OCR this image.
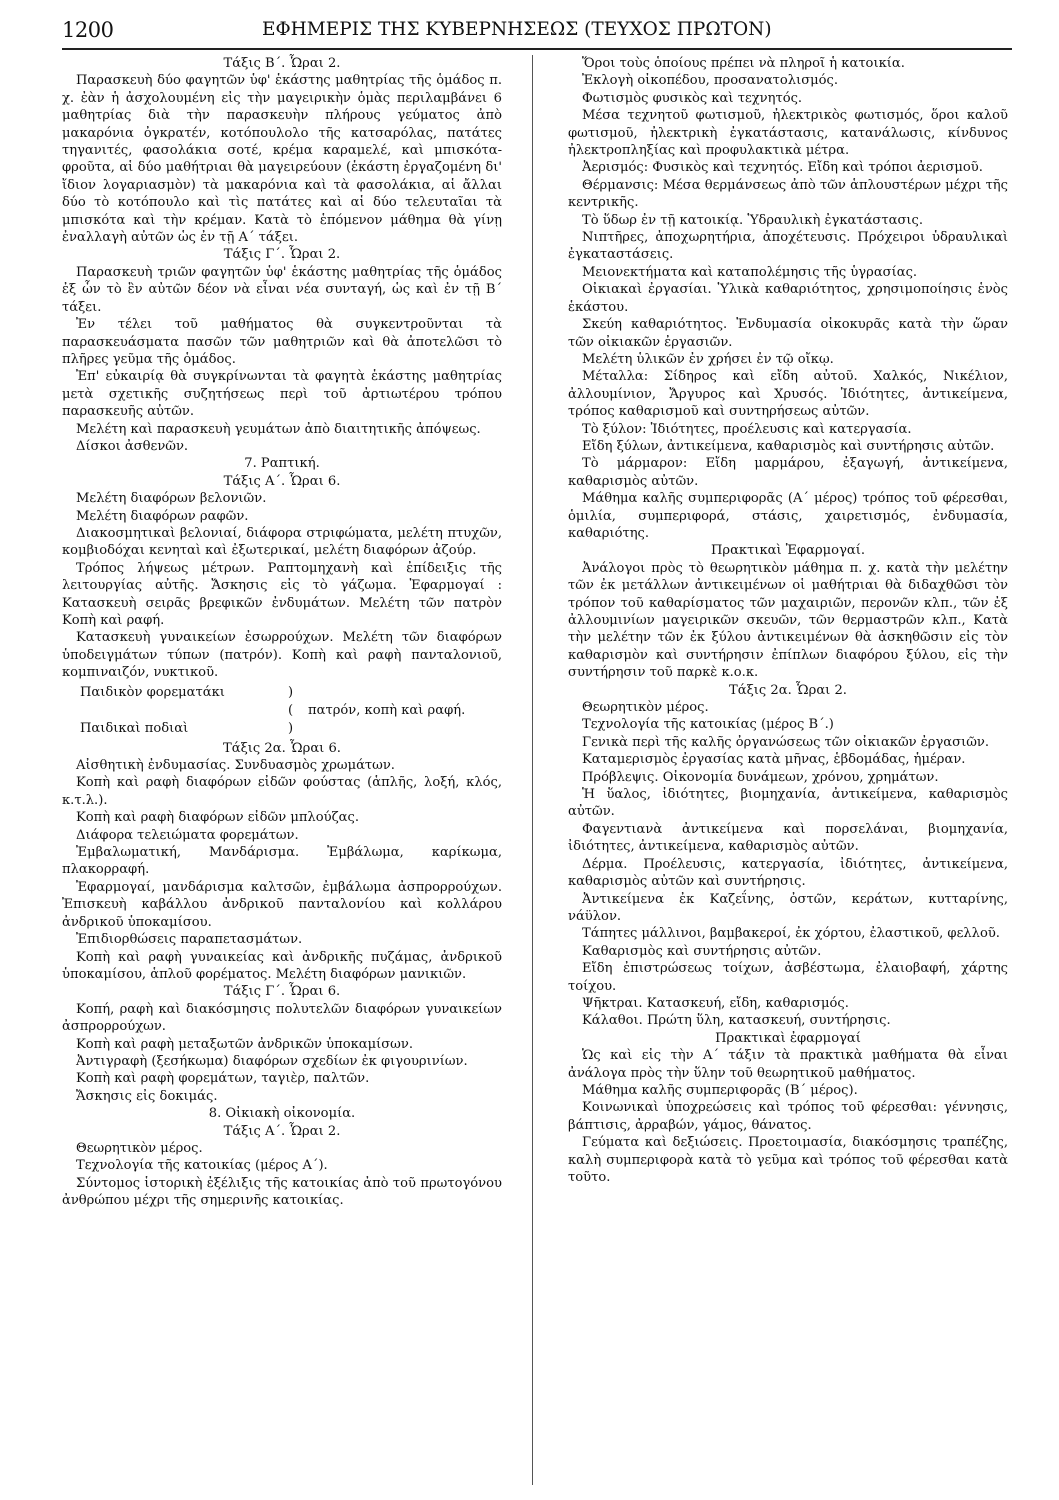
1200	ΕΦΗΜΕΡΙΣ ΤΗΣ ΚΥΒΕΡΝΗΣΕΩΣ (ΤΕΥΧΟΣ ΠΡΩΤΟΝ)

Τάξις Β΄. Ὧραι 2.

Παρασκευὴ δύο φαγητῶν ὑφ' ἑκάστης μαθητρίας τῆς ὁμάδος π. χ. ἐὰν ἡ ἀσχολουμένη εἰς τὴν μαγειρικὴν ὁμὰς περιλαμβάνει 6 μαθητρίας διὰ τὴν παρασκευὴν πλήρους γεύματος ἀπὸ μακαρόνια ὀγκρατέν, κοτόπουλολο τῆς κατσαρόλας, πατάτες τηγανιτές, φασολάκια σοτέ, κρέμα καραμελέ, καὶ μπισκότα-φροῦτα, αἱ δύο μαθήτριαι θὰ μαγειρεύουν (ἑκάστη ἐργαζομένη δι' ἴδιον λογαριασμὸν) τὰ μακαρόνια καὶ τὰ φασολάκια, αἱ ἄλλαι δύο τὸ κοτόπουλο καὶ τὶς πατάτες καὶ αἱ δύο τελευταῖαι τὰ μπισκότα καὶ τὴν κρέμαν. Κατὰ τὸ ἑπόμενον μάθημα θὰ γίνῃ ἐναλλαγὴ αὐτῶν ὡς ἐν τῇ Α΄ τάξει.

Τάξις Γ΄. Ὧραι 2.

Παρασκευὴ τριῶν φαγητῶν ὑφ' ἑκάστης μαθητρίας τῆς ὁμάδος ἐξ ὧν τὸ ἓν αὐτῶν δέον νὰ εἶναι νέα συνταγή, ὡς καὶ ἐν τῇ Β΄ τάξει.

Ἐν τέλει τοῦ μαθήματος θὰ συγκεντροῦνται τὰ παρασκευάσματα πασῶν τῶν μαθητριῶν καὶ θὰ ἀποτελῶσι τὸ πλῆρες γεῦμα τῆς ὁμάδος.

Ἐπ' εὐκαιρίᾳ θὰ συγκρίνωνται τὰ φαγητὰ ἑκάστης μαθητρίας μετὰ σχετικῆς συζητήσεως περὶ τοῦ ἀρτιωτέρου τρόπου παρασκευῆς αὐτῶν.

Μελέτη καὶ παρασκευὴ γευμάτων ἀπὸ διαιτητικῆς ἀπόψεως.

Δίσκοι ἀσθενῶν.

7. Ραπτική.

Τάξις Α΄. Ὧραι 6.

Μελέτη διαφόρων βελονιῶν.

Μελέτη διαφόρων ραφῶν.

Διακοσμητικαὶ βελονιαί, διάφορα στριφώματα, μελέτη πτυχῶν, κομβιοδόχαι κενηταὶ καὶ ἐξωτερικαί, μελέτη διαφόρων ἀζούρ.

Τρόπος λήψεως μέτρων. Ραπτομηχανὴ καὶ ἐπίδειξις τῆς λειτουργίας αὐτῆς. Ἄσκησις εἰς τὸ γάζωμα. Ἐφαρμογαί : Κατασκευὴ σειρᾶς βρεφικῶν ἐνδυμάτων. Μελέτη τῶν πατρὸν Κοπὴ καὶ ραφή.

Κατασκευὴ γυναικείων ἐσωρρούχων. Μελέτη τῶν διαφόρων ὑποδειγμάτων τύπων (πατρόν). Κοπὴ καὶ ραφὴ πανταλονιοῦ, κομπιναιζόν, νυκτικοῦ.

Παιδικὸν φορεματάκι	)
( πατρόν, κοπὴ καὶ ραφή.
Παιδικαὶ ποδιαὶ	)

Τάξις 2α. Ὧραι 6.

Αἰσθητικὴ ἐνδυμασίας. Συνδυασμὸς χρωμάτων.

Κοπὴ καὶ ραφὴ διαφόρων εἰδῶν φούστας (ἁπλῆς, λοξή, κλός, κ.τ.λ.).

Κοπὴ καὶ ραφὴ διαφόρων εἰδῶν μπλούζας.

Διάφορα τελειώματα φορεμάτων.

Ἐμβαλωματική, Μανδάρισμα. Ἐμβάλωμα, καρίκωμα, πλακορραφή.

Ἐφαρμογαί, μανδάρισμα καλτσῶν, ἐμβάλωμα ἀσπρορρούχων. Ἐπισκευὴ καβάλλου ἀνδρικοῦ πανταλονίου καὶ κολλάρου ἀνδρικοῦ ὑποκαμίσου.

Ἐπιδιορθώσεις παραπετασμάτων.

Κοπὴ καὶ ραφὴ γυναικείας καὶ ἀνδρικῆς πυζάμας, ἀνδρικοῦ ὑποκαμίσου, ἁπλοῦ φορέματος. Μελέτη διαφόρων μανικιῶν.

Τάξις Γ΄. Ὧραι 6.

Κοπή, ραφὴ καὶ διακόσμησις πολυτελῶν διαφόρων γυναικείων ἀσπρορρούχων.

Κοπὴ καὶ ραφὴ μεταξωτῶν ἀνδρικῶν ὑποκαμίσων.

Ἀντιγραφὴ (ξεσήκωμα) διαφόρων σχεδίων ἐκ φιγουρινίων.

Κοπὴ καὶ ραφὴ φορεμάτων, ταγιὲρ, παλτῶν.

Ἄσκησις εἰς δοκιμάς.

8. Οἰκιακὴ οἰκονομία.

Τάξις Α΄. Ὧραι 2.

Θεωρητικὸν μέρος.

Τεχνολογία τῆς κατοικίας (μέρος Α΄).

Σύντομος ἱστορικὴ ἐξέλιξις τῆς κατοικίας ἀπὸ τοῦ πρωτογόνου ἀνθρώπου μέχρι τῆς σημερινῆς κατοικίας.

Ὅροι τοὺς ὁποίους πρέπει νὰ πληροῖ ἡ κατοικία.

Ἐκλογὴ οἰκοπέδου, προσανατολισμός.

Φωτισμὸς φυσικὸς καὶ τεχνητός.

Μέσα τεχνητοῦ φωτισμοῦ, ἠλεκτρικὸς φωτισμός, ὅροι καλοῦ φωτισμοῦ, ἠλεκτρικὴ ἐγκατάστασις, κατανάλωσις, κίνδυνος ἠλεκτροπληξίας καὶ προφυλακτικὰ μέτρα.

Ἀερισμός: Φυσικὸς καὶ τεχνητός. Εἴδη καὶ τρόποι ἀερισμοῦ.

Θέρμανσις: Μέσα θερμάνσεως ἀπὸ τῶν ἁπλουστέρων μέχρι τῆς κεντρικῆς.

Τὸ ὕδωρ ἐν τῇ κατοικίᾳ. Ὑδραυλικὴ ἐγκατάστασις.

Νιπτῆρες, ἀποχωρητήρια, ἀποχέτευσις. Πρόχειροι ὑδραυλικαὶ ἐγκαταστάσεις.

Μειονεκτήματα καὶ καταπολέμησις τῆς ὑγρασίας.

Οἰκιακαὶ ἐργασίαι. Ὑλικὰ καθαριότητος, χρησιμοποίησις ἑνὸς ἑκάστου.

Σκεύη καθαριότητος. Ἐνδυμασία οἰκοκυρᾶς κατὰ τὴν ὥραν τῶν οἰκιακῶν ἐργασιῶν.

Μελέτη ὑλικῶν ἐν χρήσει ἐν τῷ οἴκῳ.

Μέταλλα: Σίδηρος καὶ εἴδη αὐτοῦ. Χαλκός, Νικέλιον, ἀλλουμίνιον, Ἄργυρος καὶ Χρυσός. Ἰδιότητες, ἀντικείμενα, τρόπος καθαρισμοῦ καὶ συντηρήσεως αὐτῶν.

Τὸ ξύλον: Ἰδιότητες, προέλευσις καὶ κατεργασία.

Εἴδη ξύλων, ἀντικείμενα, καθαρισμὸς καὶ συντήρησις αὐτῶν.

Τὸ μάρμαρον: Εἴδη μαρμάρου, ἐξαγωγή, ἀντικείμενα, καθαρισμὸς αὐτῶν.

Μάθημα καλῆς συμπεριφορᾶς (Α΄ μέρος) τρόπος τοῦ φέρεσθαι, ὁμιλία, συμπεριφορά, στάσις, χαιρετισμός, ἐνδυμασία, καθαριότης.

Πρακτικαὶ Ἐφαρμογαί.

Ἀνάλογοι πρὸς τὸ θεωρητικὸν μάθημα π. χ. κατὰ τὴν μελέτην τῶν ἐκ μετάλλων ἀντικειμένων οἱ μαθήτριαι θὰ διδαχθῶσι τὸν τρόπον τοῦ καθαρίσματος τῶν μαχαιριῶν, περονῶν κλπ., τῶν ἐξ ἀλλουμινίων μαγειρικῶν σκευῶν, τῶν θερμαστρῶν κλπ., Κατὰ τὴν μελέτην τῶν ἐκ ξύλου ἀντικειμένων θὰ ἀσκηθῶσιν εἰς τὸν καθαρισμὸν καὶ συντήρησιν ἐπίπλων διαφόρου ξύλου, εἰς τὴν συντήρησιν τοῦ παρκὲ κ.ο.κ.

Τάξις 2α. Ὧραι 2.

Θεωρητικὸν μέρος.

Τεχνολογία τῆς κατοικίας (μέρος Β΄.)

Γενικὰ περὶ τῆς καλῆς ὀργανώσεως τῶν οἰκιακῶν ἐργασιῶν.

Καταμερισμὸς ἐργασίας κατὰ μῆνας, ἑβδομάδας, ἡμέραν.

Πρόβλεψις. Οἰκονομία δυνάμεων, χρόνου, χρημάτων.

Ἡ ὕαλος, ἰδιότητες, βιομηχανία, ἀντικείμενα, καθαρισμὸς αὐτῶν.

Φαγεντιανὰ ἀντικείμενα καὶ πορσελάναι, βιομηχανία, ἰδιότητες, ἀντικείμενα, καθαρισμὸς αὐτῶν.

Δέρμα. Προέλευσις, κατεργασία, ἰδιότητες, ἀντικείμενα, καθαρισμὸς αὐτῶν καὶ συντήρησις.

Ἀντικείμενα ἐκ Καζεΐνης, ὀστῶν, κεράτων, κυτταρίνης, νάϋλον.

Τάπητες μάλλινοι, βαμβακεροί, ἐκ χόρτου, ἐλαστικοῦ, φελλοῦ.

Καθαρισμὸς καὶ συντήρησις αὐτῶν.

Εἴδη ἐπιστρώσεως τοίχων, ἀσβέστωμα, ἐλαιοβαφή, χάρτης τοίχου.

Ψῆκτραι. Κατασκευή, εἴδη, καθαρισμός.

Κάλαθοι. Πρώτη ὕλη, κατασκευή, συντήρησις.

Πρακτικαὶ ἐφαρμογαί

Ὡς καὶ εἰς τὴν Α΄ τάξιν τὰ πρακτικὰ μαθήματα θὰ εἶναι ἀνάλογα πρὸς τὴν ὕλην τοῦ θεωρητικοῦ μαθήματος.

Μάθημα καλῆς συμπεριφορᾶς (Β΄ μέρος).

Κοινωνικαὶ ὑποχρεώσεις καὶ τρόπος τοῦ φέρεσθαι: γέννησις, βάπτισις, ἀρραβών, γάμος, θάνατος.

Γεύματα καὶ δεξιώσεις. Προετοιμασία, διακόσμησις τραπέζης, καλὴ συμπεριφορὰ κατὰ τὸ γεῦμα καὶ τρόπος τοῦ φέρεσθαι κατὰ τοῦτο.
